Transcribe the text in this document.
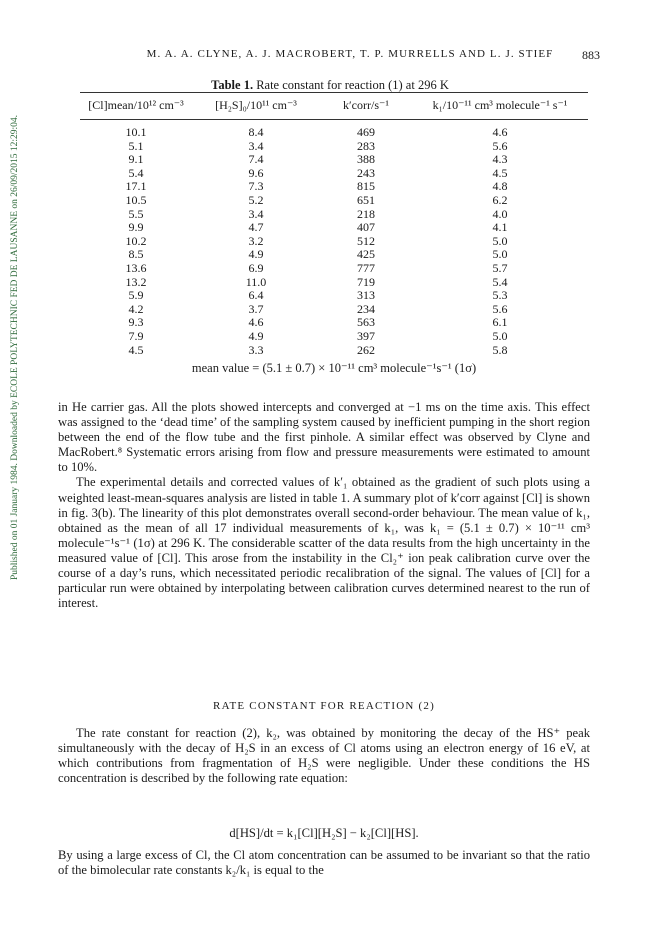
Published on 01 January 1984. Downloaded by ECOLE POLYTECHNIC FED DE LAUSANNE on 26/09/2015 12:29:04.
M. A. A. CLYNE, A. J. MACROBERT, T. P. MURRELLS AND L. J. STIEF 883
Table 1. Rate constant for reaction (1) at 296 K
[Cl]mean/10¹² cm⁻³	[H₂S]₀/10¹¹ cm⁻³	k′corr/s⁻¹	k₁/10⁻¹¹ cm³ molecule⁻¹ s⁻¹
10.1	8.4	469	4.6
5.1	3.4	283	5.6
9.1	7.4	388	4.3
5.4	9.6	243	4.5
17.1	7.3	815	4.8
10.5	5.2	651	6.2
5.5	3.4	218	4.0
9.9	4.7	407	4.1
10.2	3.2	512	5.0
8.5	4.9	425	5.0
13.6	6.9	777	5.7
13.2	11.0	719	5.4
5.9	6.4	313	5.3
4.2	3.7	234	5.6
9.3	4.6	563	6.1
7.9	4.9	397	5.0
4.5	3.3	262	5.8
mean value = (5.1 ± 0.7) × 10⁻¹¹ cm³ molecule⁻¹s⁻¹ (1σ)

in He carrier gas. All the plots showed intercepts and converged at −1 ms on the time axis. This effect was assigned to the ‘dead time’ of the sampling system caused by inefficient pumping in the short region between the end of the flow tube and the first pinhole. A similar effect was observed by Clyne and MacRobert.⁸ Systematic errors arising from flow and pressure measurements were estimated to amount to 10%.

The experimental details and corrected values of k′₁ obtained as the gradient of such plots using a weighted least-mean-squares analysis are listed in table 1. A summary plot of k′corr against [Cl] is shown in fig. 3(b). The linearity of this plot demonstrates overall second-order behaviour. The mean value of k₁, obtained as the mean of all 17 individual measurements of k₁, was k₁ = (5.1 ± 0.7) × 10⁻¹¹ cm³ molecule⁻¹s⁻¹ (1σ) at 296 K. The considerable scatter of the data results from the high uncertainty in the measured value of [Cl]. This arose from the instability in the Cl₂⁺ ion peak calibration curve over the course of a day’s runs, which necessitated periodic recalibration of the signal. The values of [Cl] for a particular run were obtained by interpolating between calibration curves determined nearest to the run of interest.

RATE CONSTANT FOR REACTION (2)

The rate constant for reaction (2), k₂, was obtained by monitoring the decay of the HS⁺ peak simultaneously with the decay of H₂S in an excess of Cl atoms using an electron energy of 16 eV, at which contributions from fragmentation of H₂S were negligible. Under these conditions the HS concentration is described by the following rate equation:

d[HS]/dt = k₁[Cl][H₂S] − k₂[Cl][HS].

By using a large excess of Cl, the Cl atom concentration can be assumed to be invariant so that the ratio of the bimolecular rate constants k₂/k₁ is equal to the
